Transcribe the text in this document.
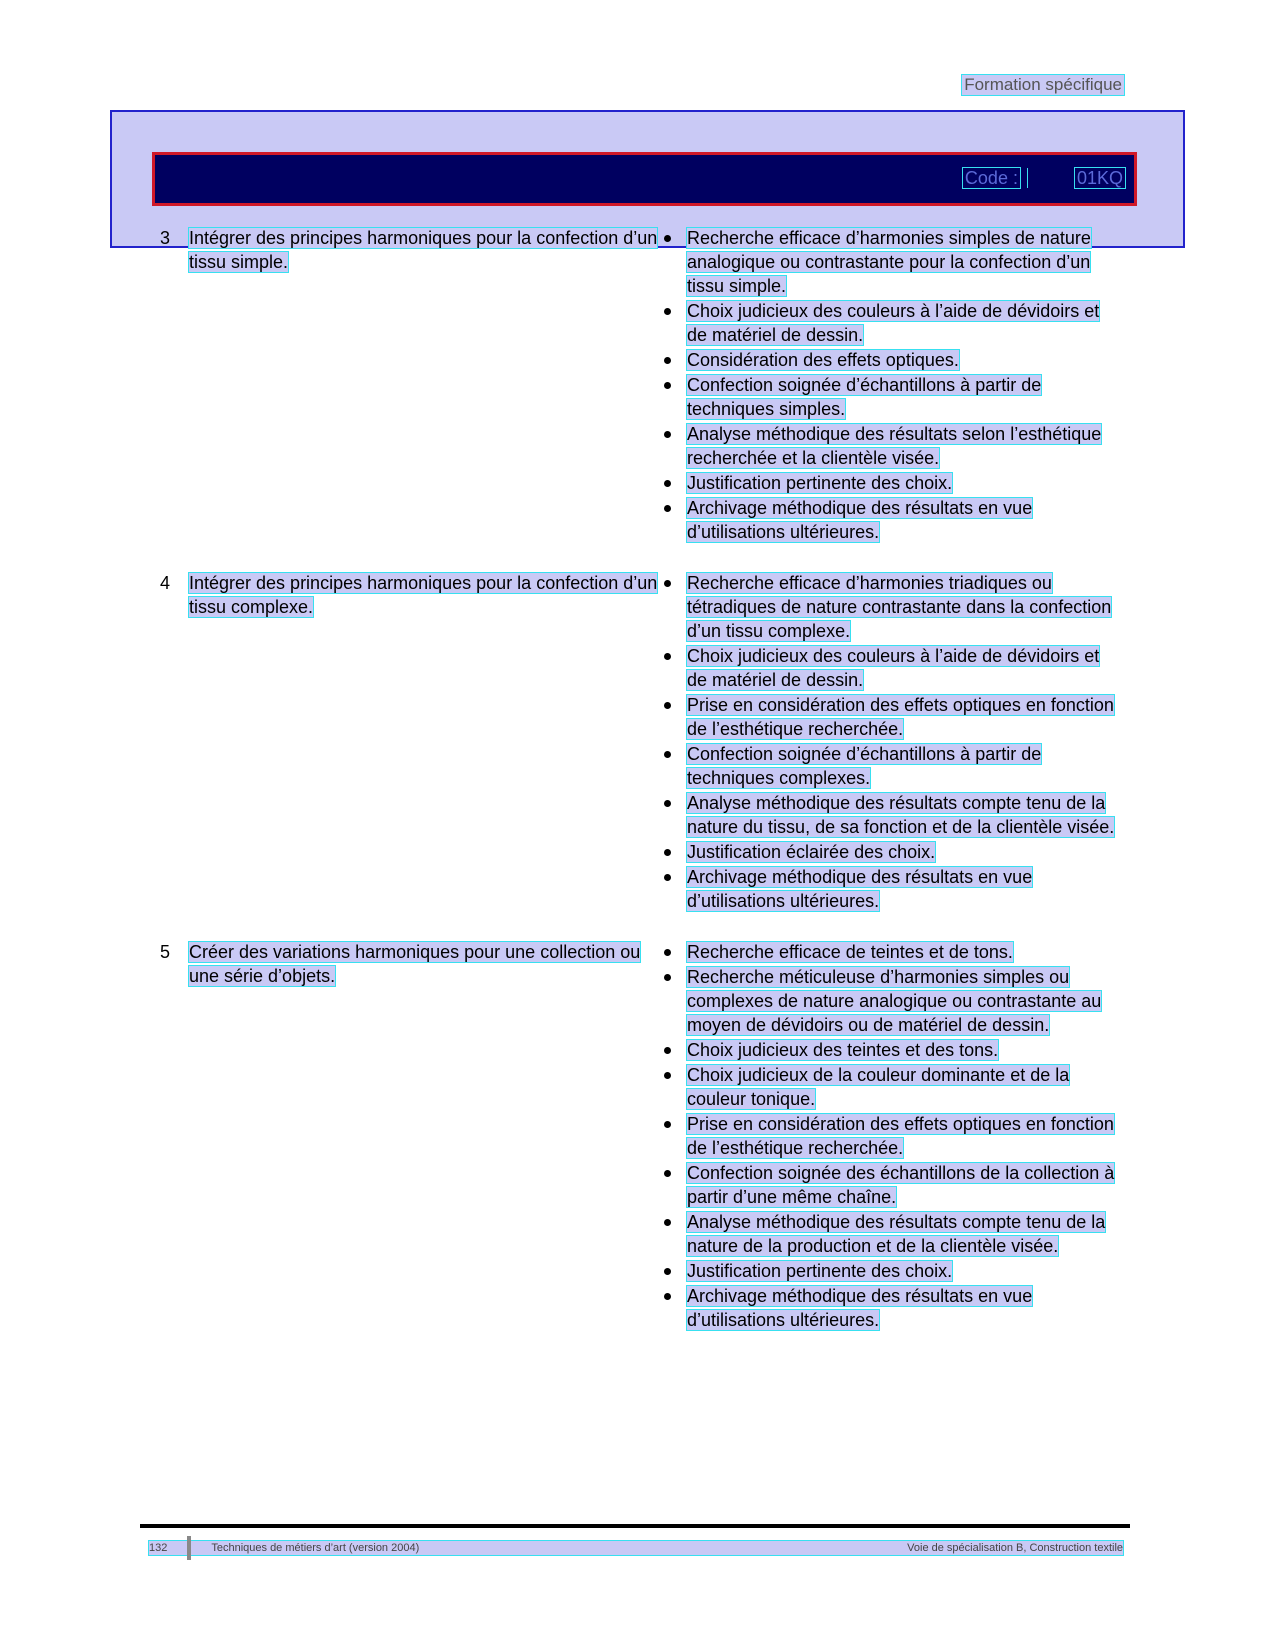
Formation spécifique
Code :	01KQ
3	Intégrer des principes harmoniques pour la confection d’un tissu simple.
Recherche efficace d’harmonies simples de nature analogique ou contrastante pour la confection d’un tissu simple.
Choix judicieux des couleurs à l’aide de dévidoirs et de matériel de dessin.
Considération des effets optiques.
Confection soignée d’échantillons à partir de techniques simples.
Analyse méthodique des résultats selon l’esthétique recherchée et la clientèle visée.
Justification pertinente des choix.
Archivage méthodique des résultats en vue d’utilisations ultérieures.
4	Intégrer des principes harmoniques pour la confection d’un tissu complexe.
Recherche efficace d’harmonies triadiques ou tétradiques de nature contrastante dans la confection d’un tissu complexe.
Choix judicieux des couleurs à l’aide de dévidoirs et de matériel de dessin.
Prise en considération des effets optiques en fonction de l’esthétique recherchée.
Confection soignée d’échantillons à partir de techniques complexes.
Analyse méthodique des résultats compte tenu de la nature du tissu, de sa fonction et de la clientèle visée.
Justification éclairée des choix.
Archivage méthodique des résultats en vue d’utilisations ultérieures.
5	Créer des variations harmoniques pour une collection ou une série d’objets.
Recherche efficace de teintes et de tons.
Recherche méticuleuse d’harmonies simples ou complexes de nature analogique ou contrastante au moyen de dévidoirs ou de matériel de dessin.
Choix judicieux des teintes et des tons.
Choix judicieux de la couleur dominante et de la couleur tonique.
Prise en considération des effets optiques en fonction de l’esthétique recherchée.
Confection soignée des échantillons de la collection à partir d’une même chaîne.
Analyse méthodique des résultats compte tenu de la nature de la production et de la clientèle visée.
Justification pertinente des choix.
Archivage méthodique des résultats en vue d’utilisations ultérieures.
132	Techniques de métiers d’art (version 2004)	Voie de spécialisation B, Construction textile
